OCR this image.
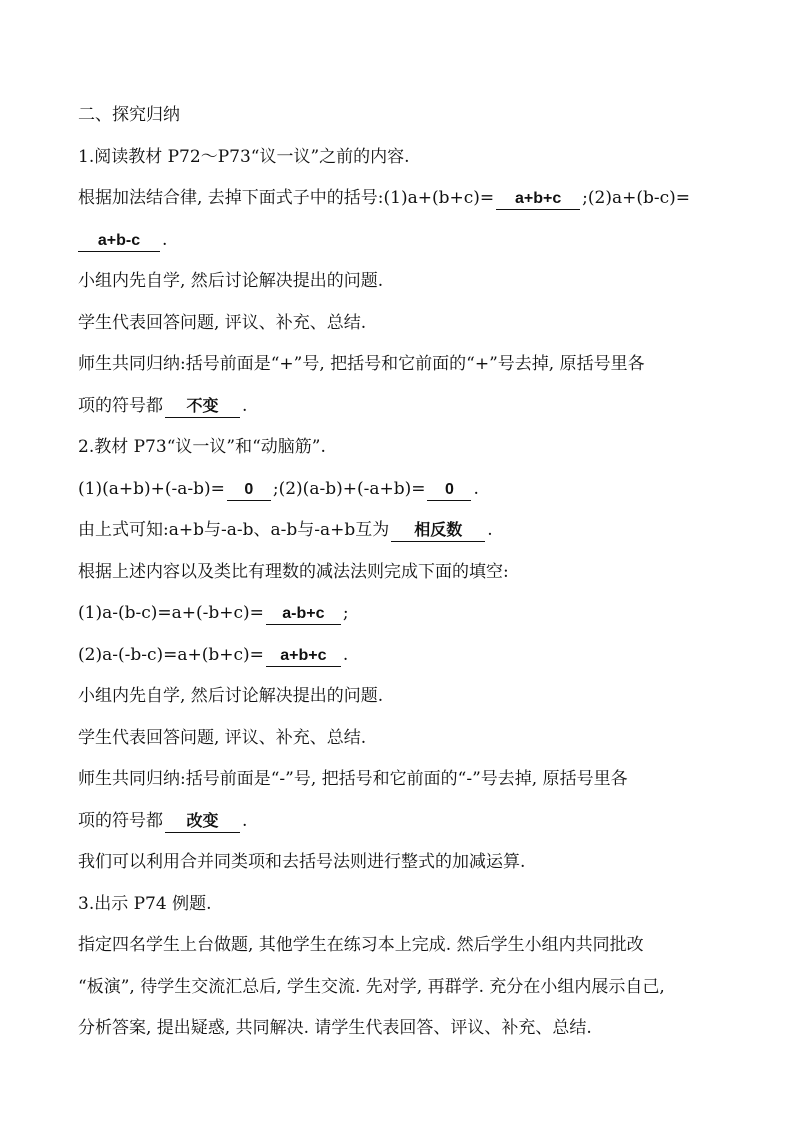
二、探究归纳
1.阅读教材 P72～P73“议一议”之前的内容.
根据加法结合律, 去掉下面式子中的括号:(1)a+(b+c)= a+b+c ;(2)a+(b-c)=
a+b-c .
小组内先自学, 然后讨论解决提出的问题.
学生代表回答问题, 评议、补充、总结.
师生共同归纳:括号前面是“+”号, 把括号和它前面的“+”号去掉, 原括号里各
项的符号都 不变 .
2.教材 P73“议一议”和“动脑筋”.
(1)(a+b)+(-a-b)= 0 ;(2)(a-b)+(-a+b)= 0 .
由上式可知:a+b与-a-b、a-b与-a+b互为 相反数 .
根据上述内容以及类比有理数的减法法则完成下面的填空:
(1)a-(b-c)=a+(-b+c)= a-b+c ;
(2)a-(-b-c)=a+(b+c)= a+b+c .
小组内先自学, 然后讨论解决提出的问题.
学生代表回答问题, 评议、补充、总结.
师生共同归纳:括号前面是“-”号, 把括号和它前面的“-”号去掉, 原括号里各
项的符号都 改变 .
我们可以利用合并同类项和去括号法则进行整式的加减运算.
3.出示 P74 例题.
指定四名学生上台做题, 其他学生在练习本上完成. 然后学生小组内共同批改
“板演”, 待学生交流汇总后, 学生交流. 先对学, 再群学. 充分在小组内展示自己,
分析答案, 提出疑惑, 共同解决. 请学生代表回答、评议、补充、总结.
